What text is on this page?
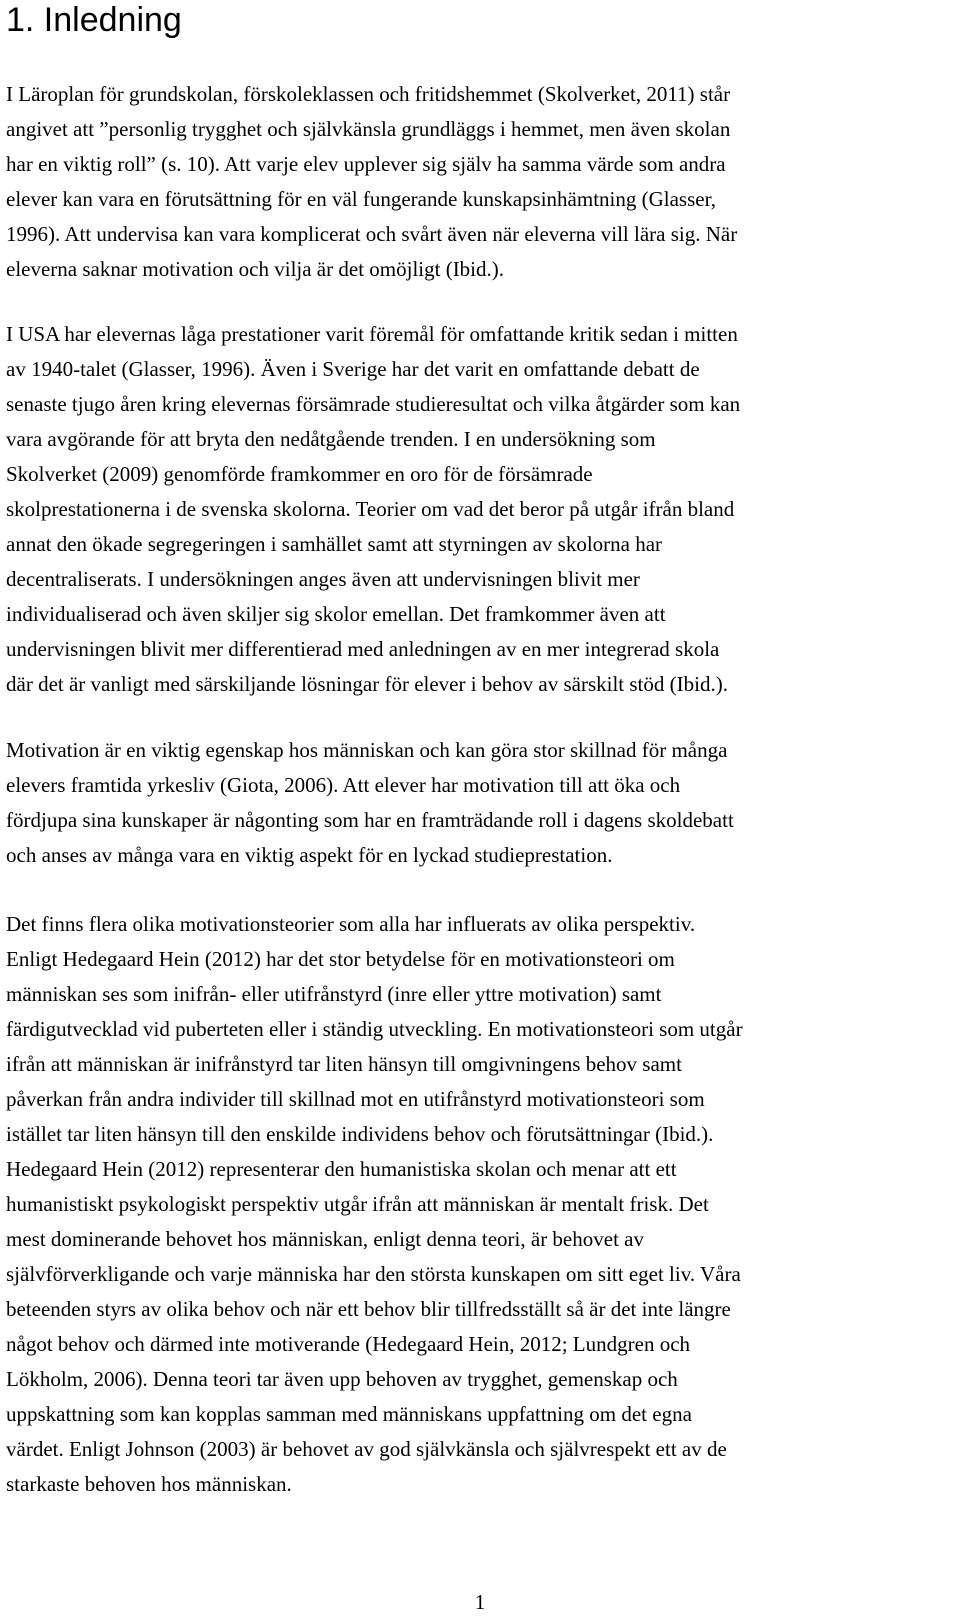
1. Inledning
I Läroplan för grundskolan, förskoleklassen och fritidshemmet (Skolverket, 2011) står
angivet att ”personlig trygghet och självkänsla grundläggs i hemmet, men även skolan
har en viktig roll” (s. 10). Att varje elev upplever sig själv ha samma värde som andra
elever kan vara en förutsättning för en väl fungerande kunskapsinhämtning (Glasser,
1996). Att undervisa kan vara komplicerat och svårt även när eleverna vill lära sig. När
eleverna saknar motivation och vilja är det omöjligt (Ibid.).
I USA har elevernas låga prestationer varit föremål för omfattande kritik sedan i mitten
av 1940-talet (Glasser, 1996). Även i Sverige har det varit en omfattande debatt de
senaste tjugo åren kring elevernas försämrade studieresultat och vilka åtgärder som kan
vara avgörande för att bryta den nedåtgående trenden. I en undersökning som
Skolverket (2009) genomförde framkommer en oro för de försämrade
skolprestationerna i de svenska skolorna. Teorier om vad det beror på utgår ifrån bland
annat den ökade segregeringen i samhället samt att styrningen av skolorna har
decentraliserats. I undersökningen anges även att undervisningen blivit mer
individualiserad och även skiljer sig skolor emellan. Det framkommer även att
undervisningen blivit mer differentierad med anledningen av en mer integrerad skola
där det är vanligt med särskiljande lösningar för elever i behov av särskilt stöd (Ibid.).
Motivation är en viktig egenskap hos människan och kan göra stor skillnad för många
elevers framtida yrkesliv (Giota, 2006). Att elever har motivation till att öka och
fördjupa sina kunskaper är någonting som har en framträdande roll i dagens skoldebatt
och anses av många vara en viktig aspekt för en lyckad studieprestation.
Det finns flera olika motivationsteorier som alla har influerats av olika perspektiv.
Enligt Hedegaard Hein (2012) har det stor betydelse för en motivationsteori om
människan ses som inifrån- eller utifrånstyrd (inre eller yttre motivation) samt
färdigutvecklad vid puberteten eller i ständig utveckling. En motivationsteori som utgår
ifrån att människan är inifrånstyrd tar liten hänsyn till omgivningens behov samt
påverkan från andra individer till skillnad mot en utifrånstyrd motivationsteori som
istället tar liten hänsyn till den enskilde individens behov och förutsättningar (Ibid.).
Hedegaard Hein (2012) representerar den humanistiska skolan och menar att ett
humanistiskt psykologiskt perspektiv utgår ifrån att människan är mentalt frisk. Det
mest dominerande behovet hos människan, enligt denna teori, är behovet av
självförverkligande och varje människa har den största kunskapen om sitt eget liv. Våra
beteenden styrs av olika behov och när ett behov blir tillfredsställt så är det inte längre
något behov och därmed inte motiverande (Hedegaard Hein, 2012; Lundgren och
Lökholm, 2006). Denna teori tar även upp behoven av trygghet, gemenskap och
uppskattning som kan kopplas samman med människans uppfattning om det egna
värdet. Enligt Johnson (2003) är behovet av god självkänsla och självrespekt ett av de
starkaste behoven hos människan.
1
